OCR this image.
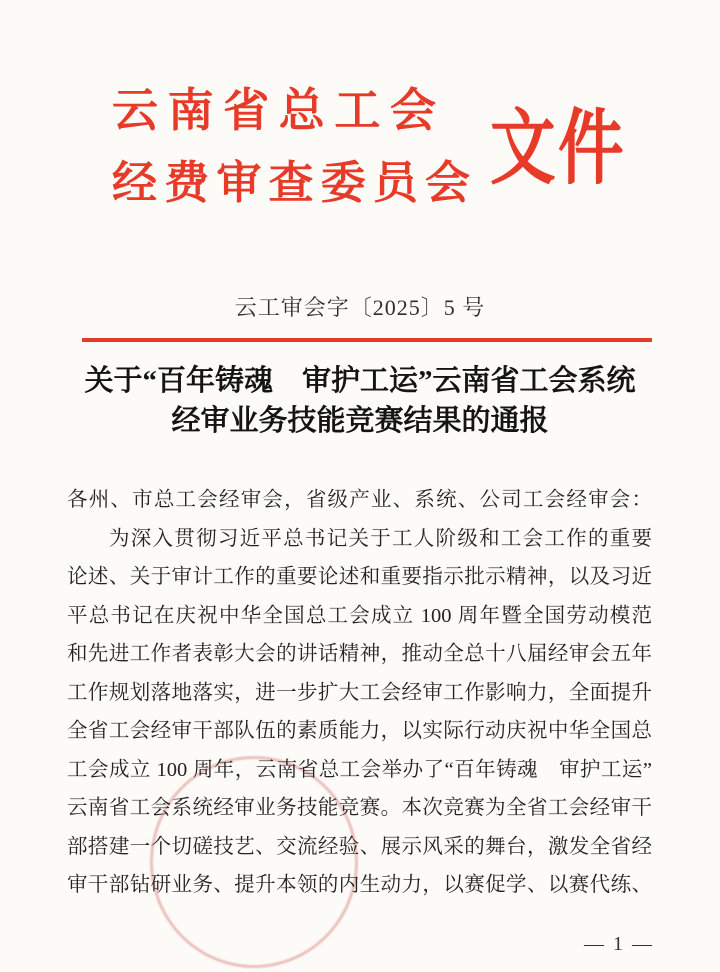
云南省总工会
经费审查委员会 文件
云工审会字〔2025〕5 号
关于“百年铸魂　审护工运”云南省工会系统
经审业务技能竞赛结果的通报
各州、市总工会经审会，省级产业、系统、公司工会经审会：
为深入贯彻习近平总书记关于工人阶级和工会工作的重要
论述、关于审计工作的重要论述和重要指示批示精神，以及习近
平总书记在庆祝中华全国总工会成立 100 周年暨全国劳动模范
和先进工作者表彰大会的讲话精神，推动全总十八届经审会五年
工作规划落地落实，进一步扩大工会经审工作影响力，全面提升
全省工会经审干部队伍的素质能力，以实际行动庆祝中华全国总
工会成立 100 周年，云南省总工会举办了“百年铸魂　审护工运”
云南省工会系统经审业务技能竞赛。本次竞赛为全省工会经审干
部搭建一个切磋技艺、交流经验、展示风采的舞台，激发全省经
审干部钻研业务、提升本领的内生动力，以赛促学、以赛代练、
— 1 —
